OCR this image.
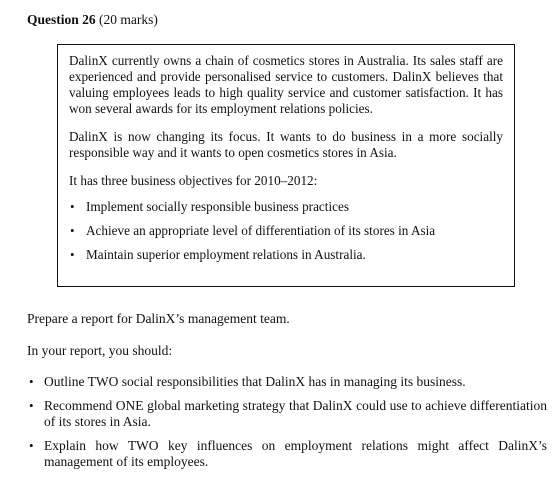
Question 26 (20 marks)

DalinX currently owns a chain of cosmetics stores in Australia. Its sales staff are experienced and provide personalised service to customers. DalinX believes that valuing employees leads to high quality service and customer satisfaction. It has won several awards for its employment relations policies.

DalinX is now changing its focus. It wants to do business in a more socially responsible way and it wants to open cosmetics stores in Asia.

It has three business objectives for 2010–2012:

• Implement socially responsible business practices
• Achieve an appropriate level of differentiation of its stores in Asia
• Maintain superior employment relations in Australia.

Prepare a report for DalinX’s management team.

In your report, you should:

• Outline TWO social responsibilities that DalinX has in managing its business.
• Recommend ONE global marketing strategy that DalinX could use to achieve differentiation of its stores in Asia.
• Explain how TWO key influences on employment relations might affect DalinX’s management of its employees.
